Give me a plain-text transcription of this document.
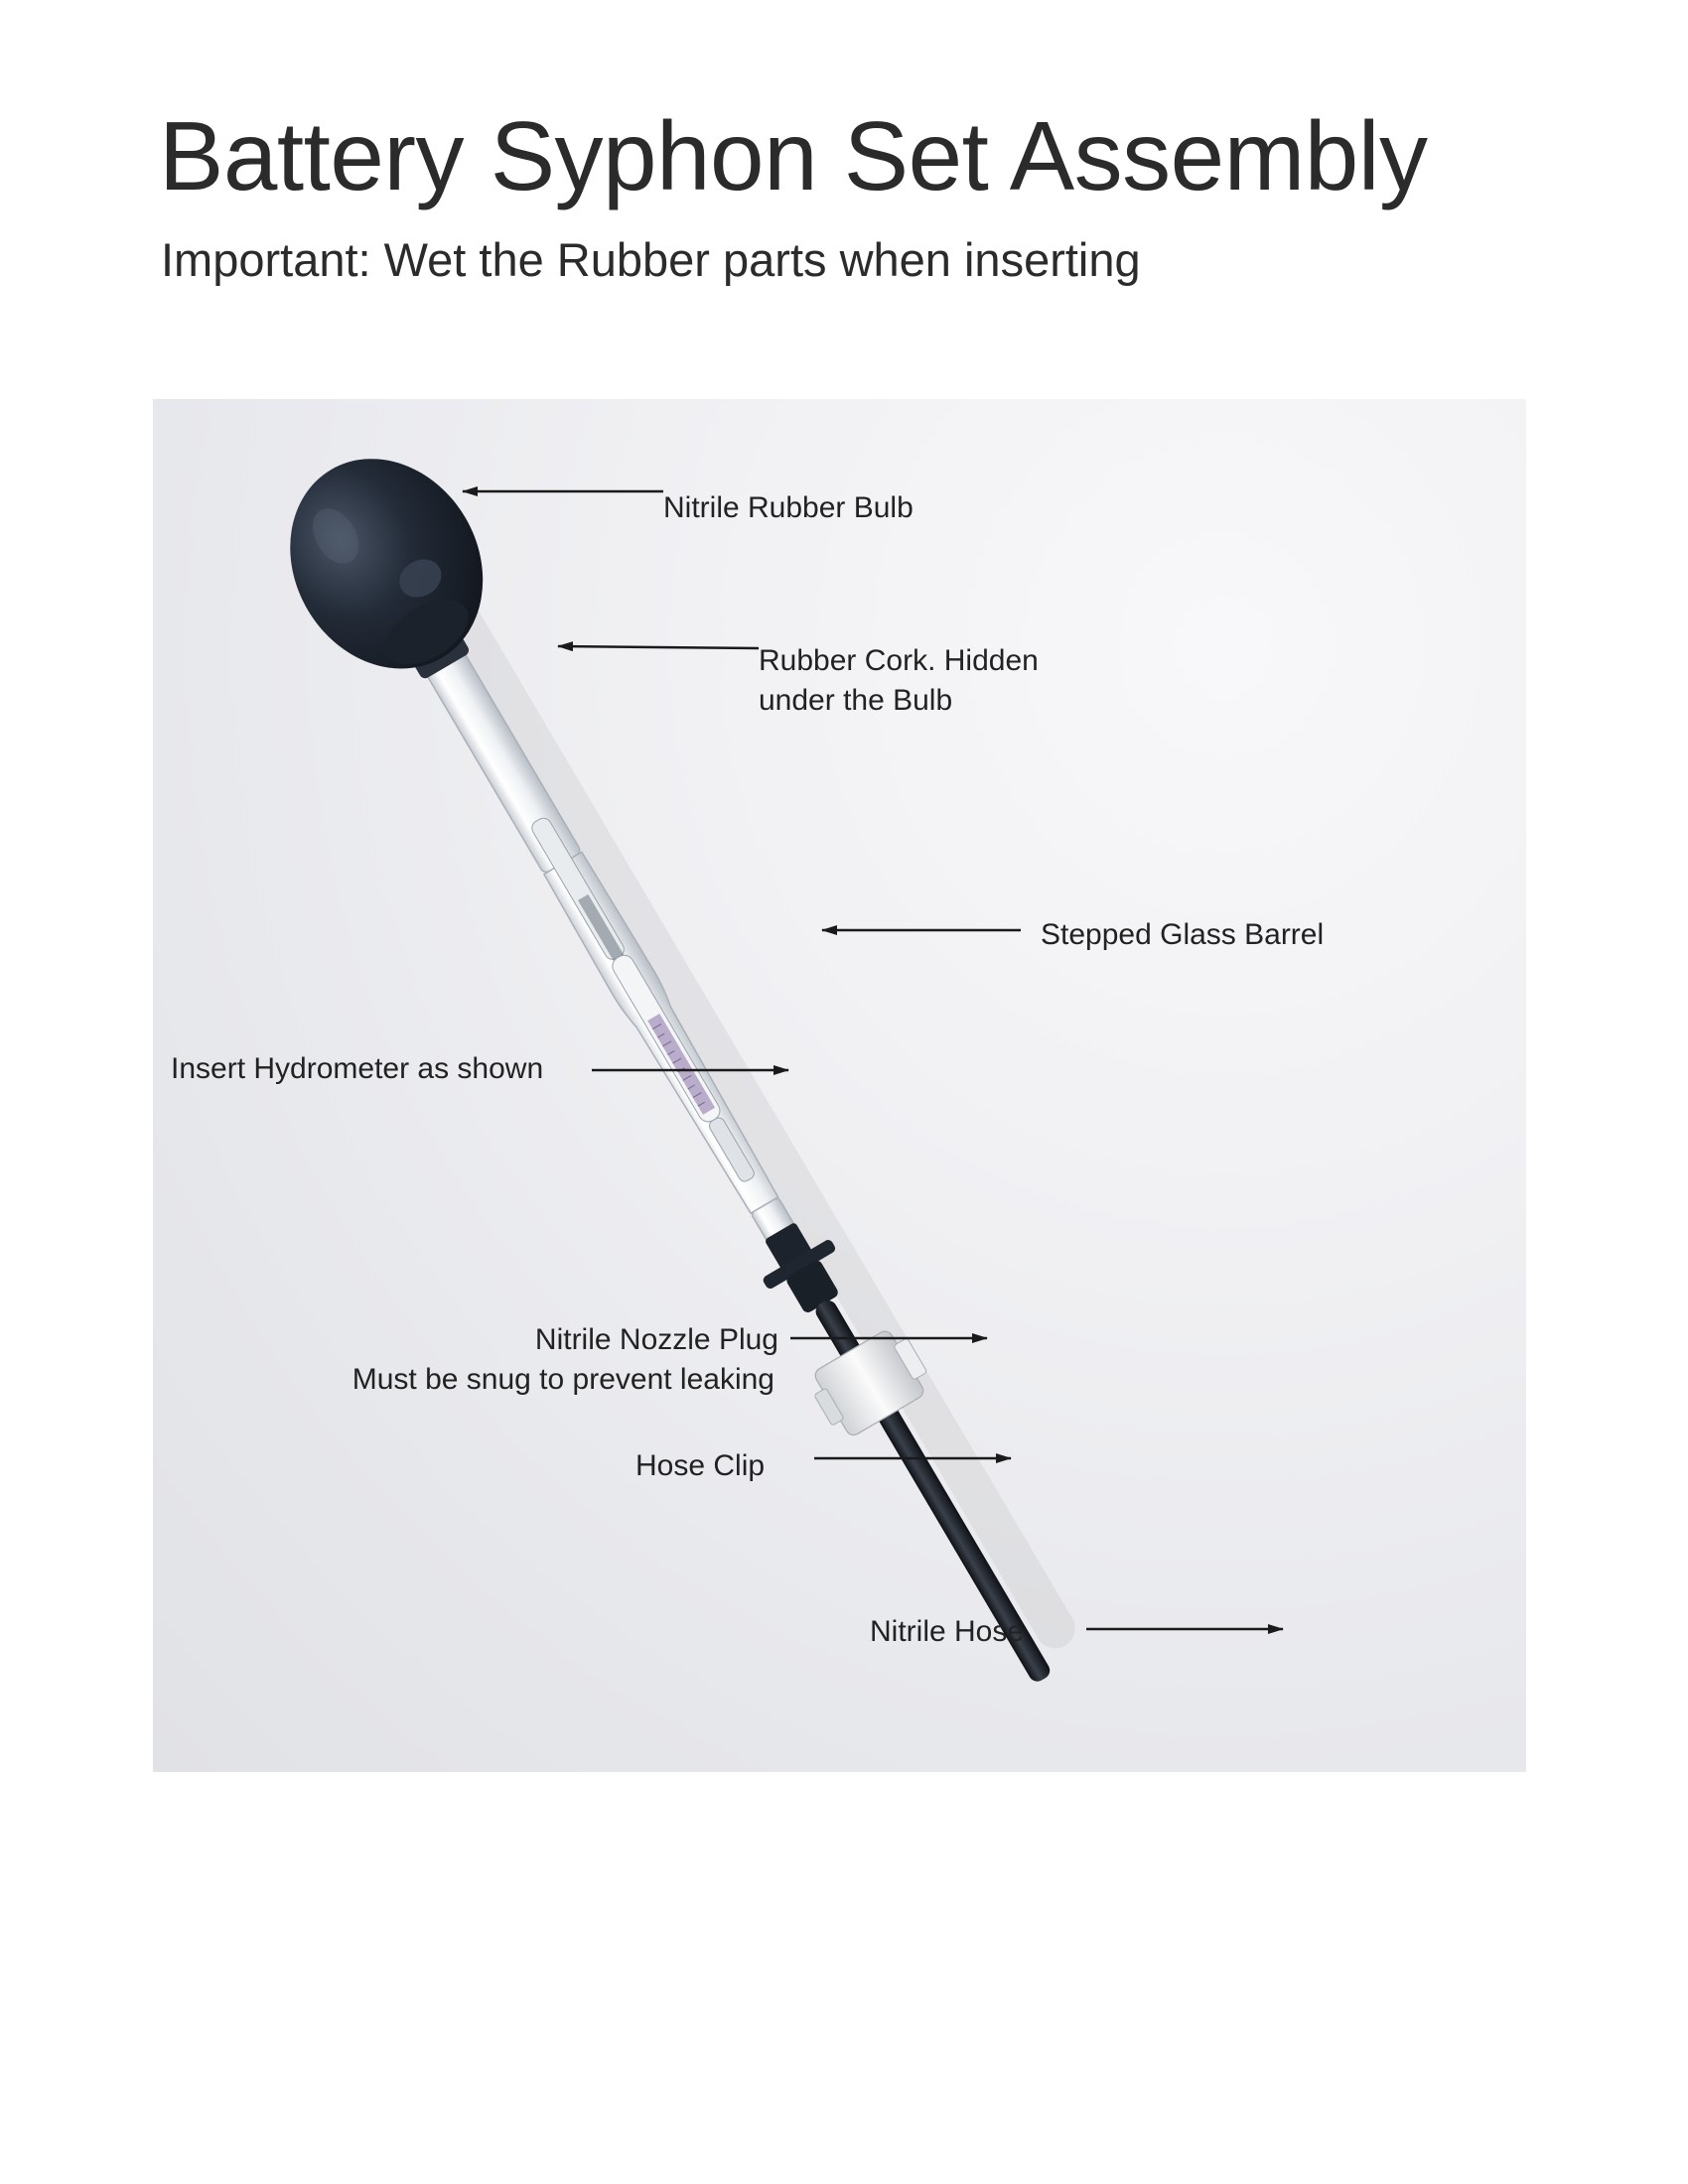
Battery Syphon Set Assembly
Important: Wet the Rubber parts when inserting
Nitrile Rubber Bulb
Rubber Cork. Hidden
under the Bulb
Stepped Glass Barrel
Insert Hydrometer as shown
Nitrile Nozzle Plug
Must be snug to prevent leaking
Hose Clip
Nitrile Hose
